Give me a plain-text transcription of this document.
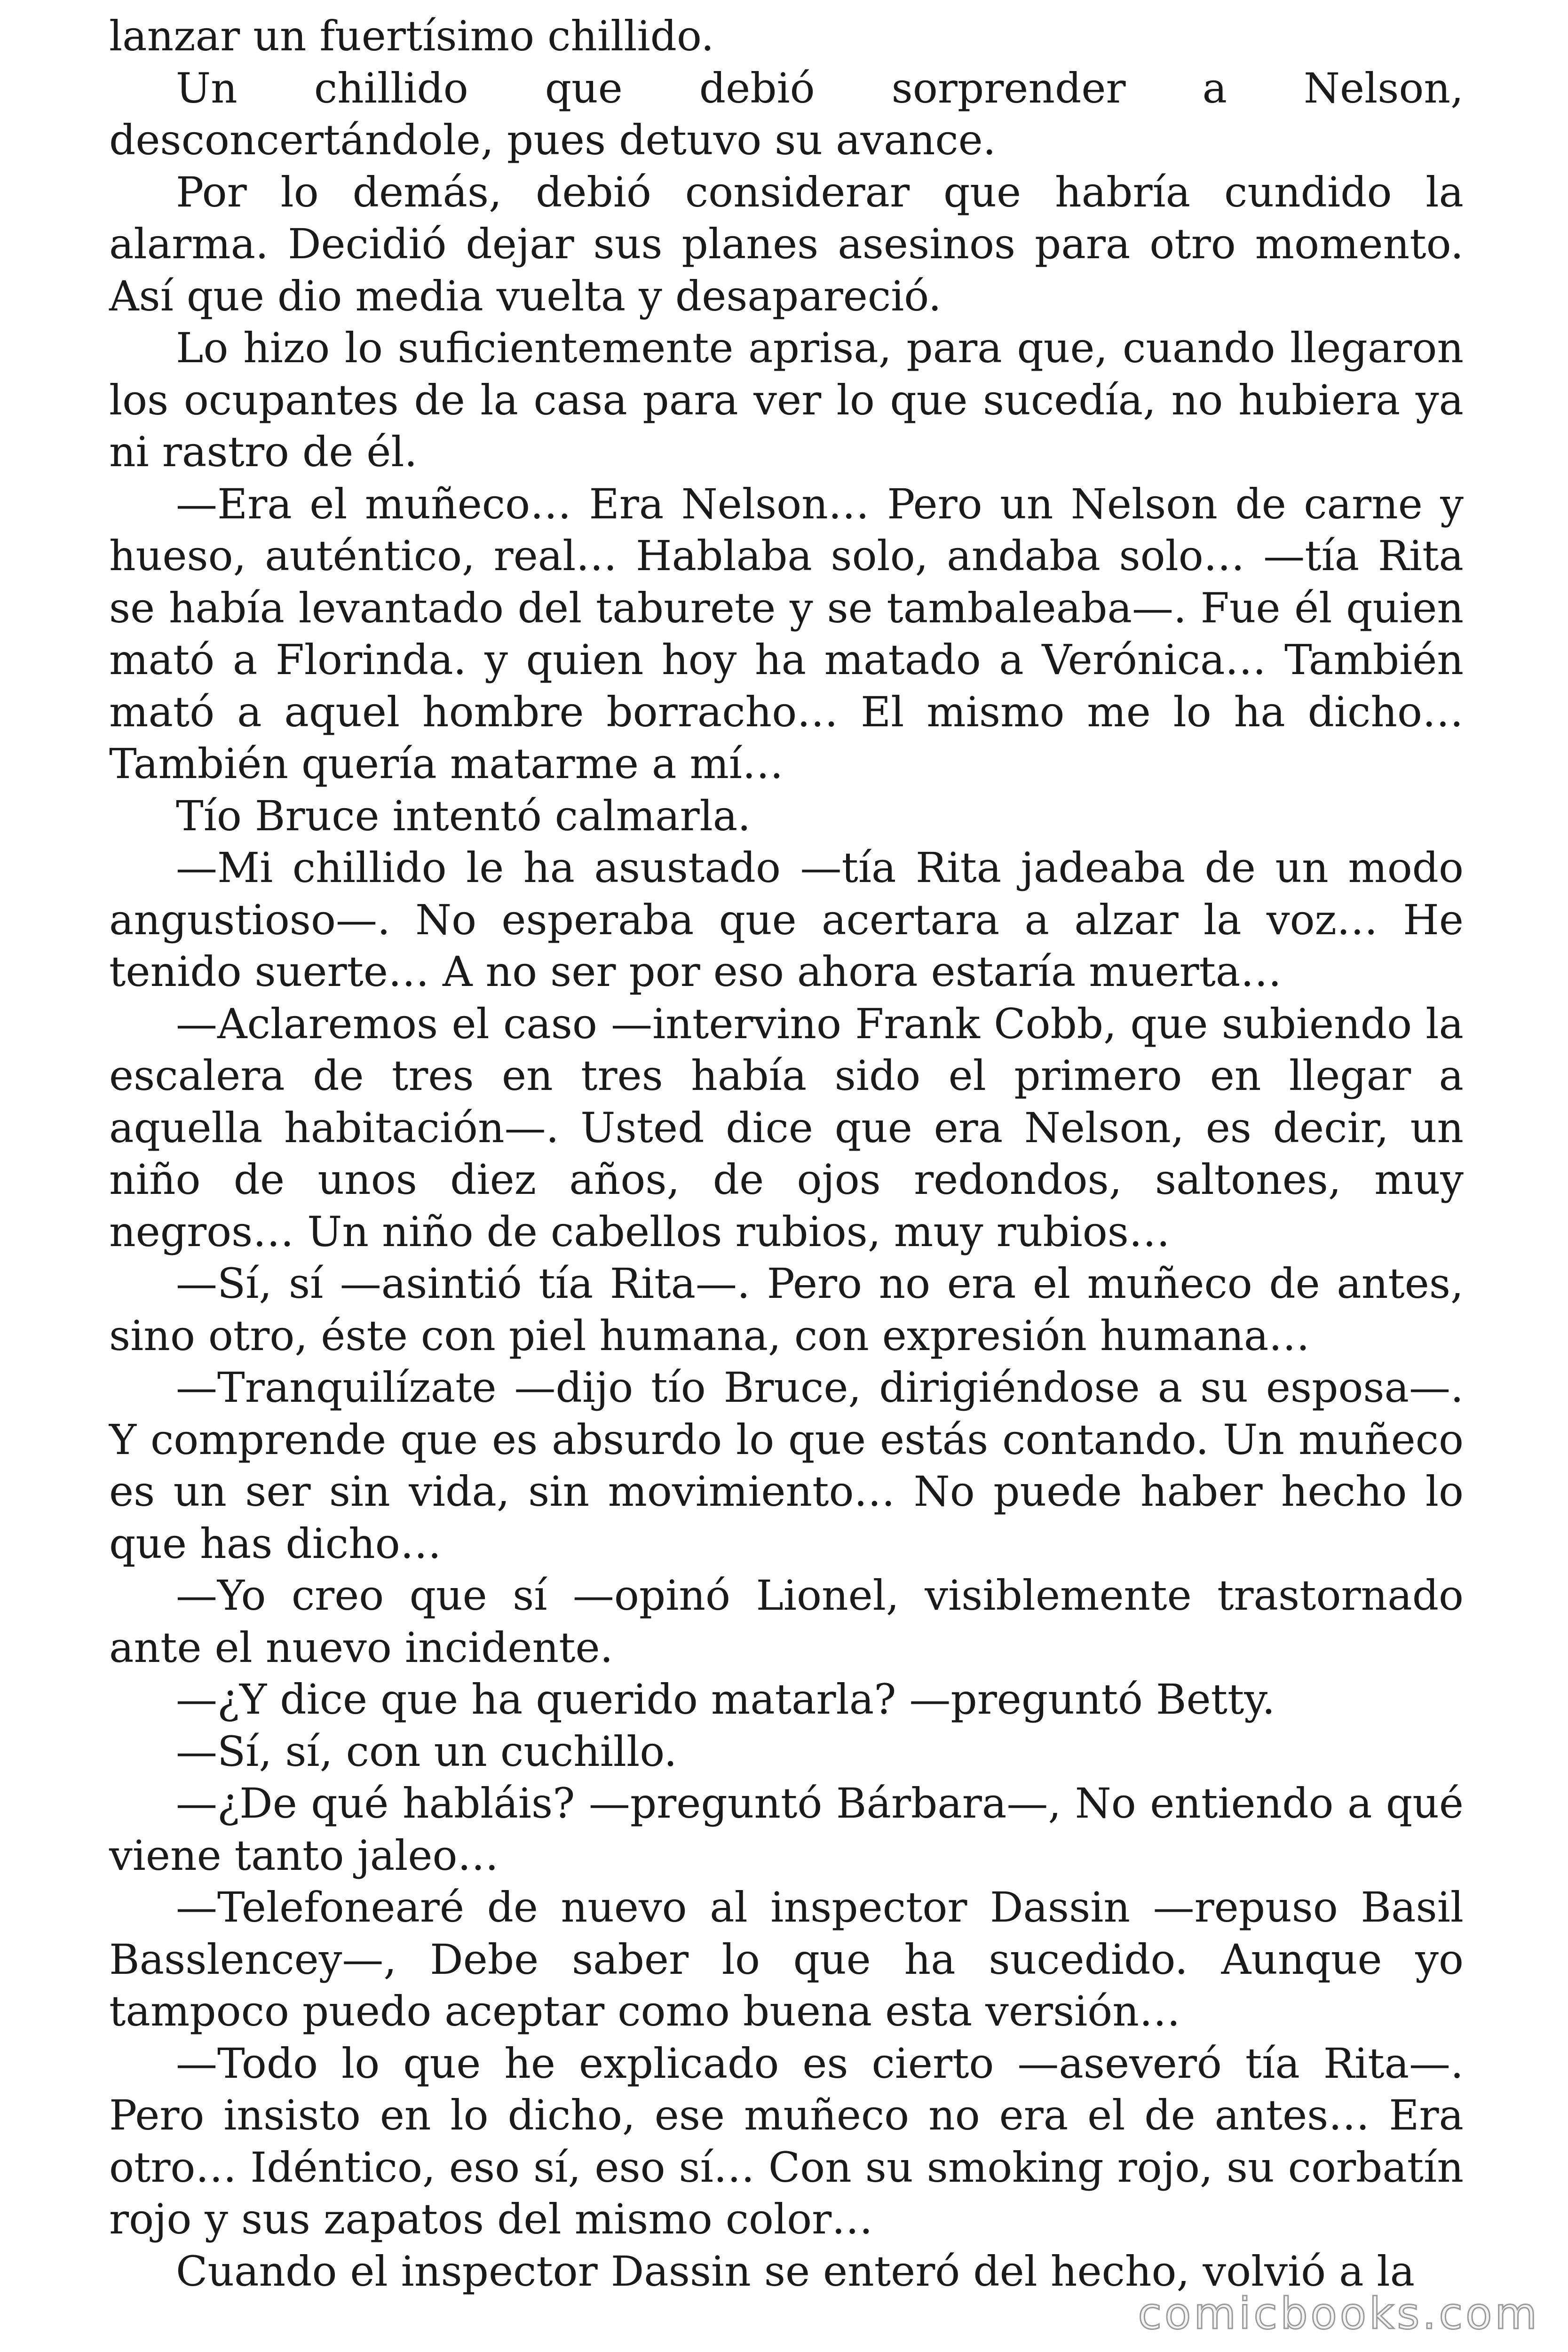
lanzar un fuertísimo chillido.

Un chillido que debió sorprender a Nelson, desconcertándole, pues detuvo su avance.

Por lo demás, debió considerar que habría cundido la alarma. Decidió dejar sus planes asesinos para otro momento. Así que dio media vuelta y desapareció.

Lo hizo lo suficientemente aprisa, para que, cuando llegaron los ocupantes de la casa para ver lo que sucedía, no hubiera ya ni rastro de él.

—Era el muñeco… Era Nelson… Pero un Nelson de carne y hueso, auténtico, real… Hablaba solo, andaba solo… —tía Rita se había levantado del taburete y se tambaleaba—. Fue él quien mató a Florinda. y quien hoy ha matado a Verónica… También mató a aquel hombre borracho… El mismo me lo ha dicho… También quería matarme a mí…

Tío Bruce intentó calmarla.

—Mi chillido le ha asustado —tía Rita jadeaba de un modo angustioso—. No esperaba que acertara a alzar la voz… He tenido suerte… A no ser por eso ahora estaría muerta…

—Aclaremos el caso —intervino Frank Cobb, que subiendo la escalera de tres en tres había sido el primero en llegar a aquella habitación—. Usted dice que era Nelson, es decir, un niño de unos diez años, de ojos redondos, saltones, muy negros… Un niño de cabellos rubios, muy rubios…

—Sí, sí —asintió tía Rita—. Pero no era el muñeco de antes, sino otro, éste con piel humana, con expresión humana…

—Tranquilízate —dijo tío Bruce, dirigiéndose a su esposa—. Y comprende que es absurdo lo que estás contando. Un muñeco es un ser sin vida, sin movimiento… No puede haber hecho lo que has dicho…

—Yo creo que sí —opinó Lionel, visiblemente trastornado ante el nuevo incidente.

—¿Y dice que ha querido matarla? —preguntó Betty.

—Sí, sí, con un cuchillo.

—¿De qué habláis? —preguntó Bárbara—, No entiendo a qué viene tanto jaleo…

—Telefonearé de nuevo al inspector Dassin —repuso Basil Basslencey—, Debe saber lo que ha sucedido. Aunque yo tampoco puedo aceptar como buena esta versión…

—Todo lo que he explicado es cierto —aseveró tía Rita—. Pero insisto en lo dicho, ese muñeco no era el de antes… Era otro… Idéntico, eso sí, eso sí… Con su smoking rojo, su corbatín rojo y sus zapatos del mismo color…

Cuando el inspector Dassin se enteró del hecho, volvió a la

comicbooks.com
